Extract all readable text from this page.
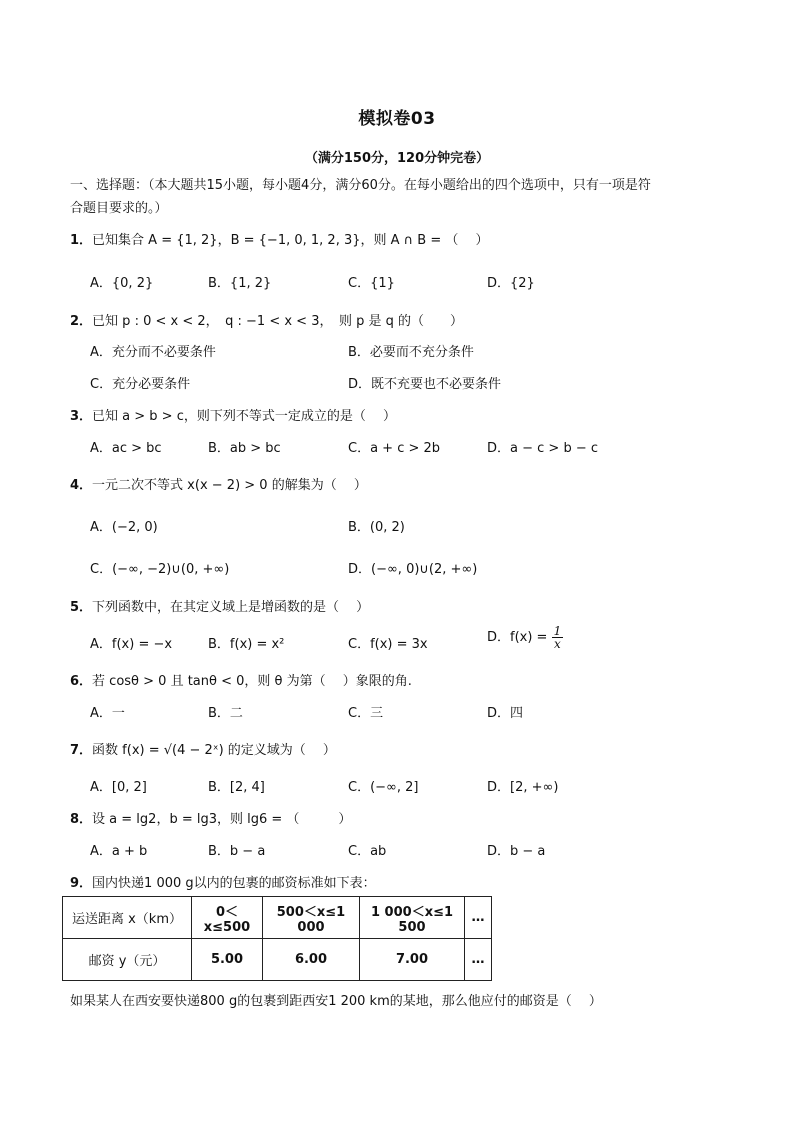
模拟卷03
（满分150分，120分钟完卷）
一、选择题：（本大题共15小题，每小题4分，满分60分。在每小题给出的四个选项中，只有一项是符
合题目要求的。）
1．已知集合 A = {1, 2}，B = {−1, 0, 1, 2, 3}，则 A ∩ B = （　 ）
A．{0, 2}	B．{1, 2}	C．{1}	D．{2}
2．已知 p : 0 < x < 2，　q : −1 < x < 3，　则 p 是 q 的（　　）
A．充分而不必要条件	B．必要而不充分条件
C．充分必要条件	D．既不充要也不必要条件
3．已知 a > b > c，则下列不等式一定成立的是（　 ）
A．ac > bc	B．ab > bc	C．a + c > 2b	D．a − c > b − c
4．一元二次不等式 x(x − 2) > 0 的解集为（　 ）
A．(−2, 0)	B．(0, 2)
C．(−∞, −2)∪(0, +∞)	D．(−∞, 0)∪(2, +∞)
5．下列函数中，在其定义域上是增函数的是（　 ）
A．f(x) = −x	B．f(x) = x²	C．f(x) = 3x	D．$f(x) = \frac{1}{x}$
6．若 cosθ > 0 且 tanθ < 0，则 θ 为第（　 ）象限的角.
A．一	B．二	C．三	D．四
7．函数 f(x) = √(4 − 2ˣ) 的定义域为（　 ）
A．[0, 2]	B．[2, 4]	C．(−∞, 2]	D．[2, +∞)
8．设 a = lg2，b = lg3，则 lg6 = （　　　）
A．a + b	B．b − a	C．ab	D．b − a
9．国内快递1 000 g以内的包裹的邮资标准如下表：
运送距离 x（km）	0＜x≤500	500＜x≤1 000	1 000＜x≤1 500	…
邮资 y（元）	5.00	6.00	7.00	…
如果某人在西安要快递800 g的包裹到距西安1 200 km的某地，那么他应付的邮资是（　 ）
